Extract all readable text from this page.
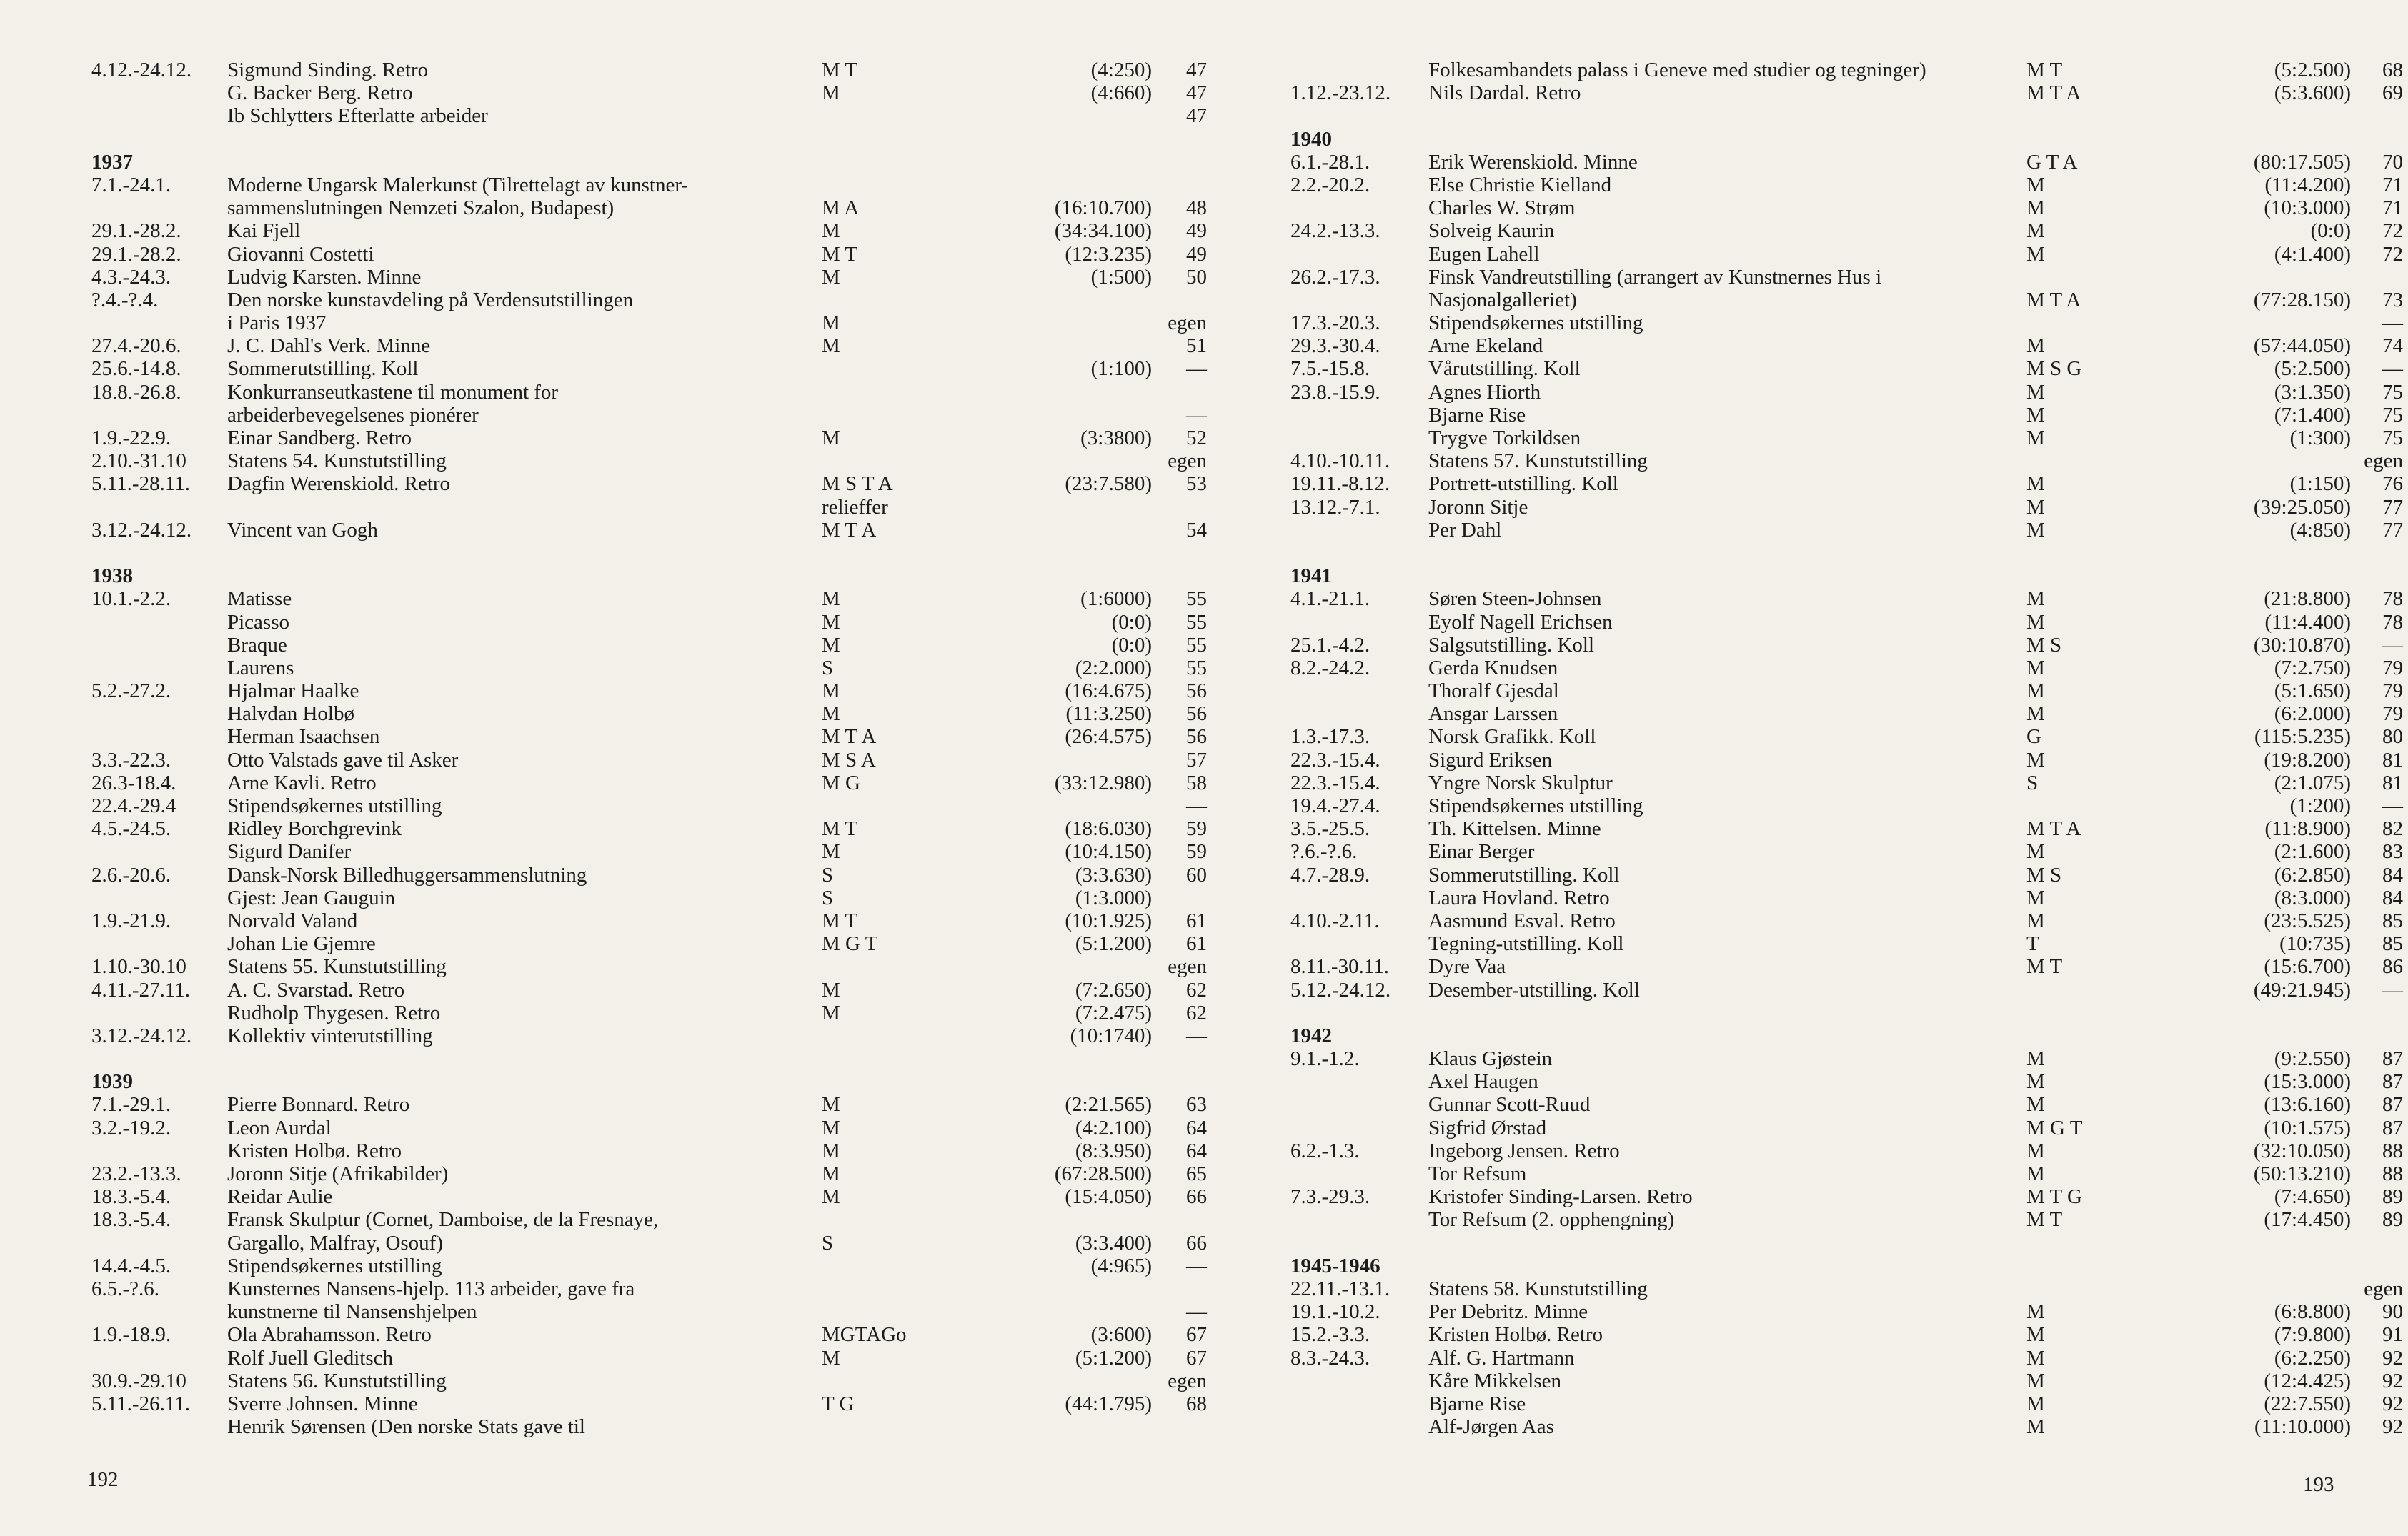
4.12.-24.12. Sigmund Sinding. Retro	M T	(4:250)	47
G. Backer Berg. Retro	M	(4:660)	47
Ib Schlytters Efterlatte arbeider	47
1937
7.1.-24.1.	Moderne Ungarsk Malerkunst (Tilrettelagt av kunstner-
sammenslutningen Nemzeti Szalon, Budapest)	M A	(16:10.700)	48
29.1.-28.2. Kai Fjell	M	(34:34.100)	49
29.1.-28.2. Giovanni Costetti	M T	(12:3.235)	49
4.3.-24.3.	Ludvig Karsten. Minne	M	(1:500)	50
?.4.-?.4.	Den norske kunstavdeling på Verdensutstillingen
i Paris 1937	M	egen
27.4.-20.6. J. C. Dahl's Verk. Minne	M	51
25.6.-14.8. Sommerutstilling. Koll	(1:100)	—
18.8.-26.8. Konkurranseutkastene til monument for
arbeiderbevegelsenes pionérer	—
1.9.-22.9.	Einar Sandberg. Retro	M	(3:3800)	52
2.10.-31.10 Statens 54. Kunstutstilling	egen
5.11.-28.11. Dagfin Werenskiold. Retro	M S T A	(23:7.580)	53
relieffer
3.12.-24.12. Vincent van Gogh	M T A	54
1938
10.1.-2.2.	Matisse	M	(1:6000)	55
Picasso	M	(0:0)	55
Braque	M	(0:0)	55
Laurens	S	(2:2.000)	55
5.2.-27.2.	Hjalmar Haalke	M	(16:4.675)	56
Halvdan Holbø	M	(11:3.250)	56
Herman Isaachsen	M T A	(26:4.575)	56
3.3.-22.3.	Otto Valstads gave til Asker	M S A	57
26.3-18.4. Arne Kavli. Retro	M G	(33:12.980)	58
22.4.-29.4 Stipendsøkernes utstilling	—
4.5.-24.5.	Ridley Borchgrevink	M T	(18:6.030)	59
Sigurd Danifer	M	(10:4.150)	59
2.6.-20.6.	Dansk-Norsk Billedhuggersammenslutning	S	(3:3.630)	60
Gjest: Jean Gauguin	S	(1:3.000)
1.9.-21.9.	Norvald Valand	M T	(10:1.925)	61
Johan Lie Gjemre	M G T	(5:1.200)	61
1.10.-30.10 Statens 55. Kunstutstilling	egen
4.11.-27.11. A. C. Svarstad. Retro	M	(7:2.650)	62
Rudholp Thygesen. Retro	M	(7:2.475)	62
3.12.-24.12. Kollektiv vinterutstilling	(10:1740)	—
1939
7.1.-29.1.	Pierre Bonnard. Retro	M	(2:21.565)	63
3.2.-19.2.	Leon Aurdal	M	(4:2.100)	64
Kristen Holbø. Retro	M	(8:3.950)	64
23.2.-13.3. Joronn Sitje (Afrikabilder)	M	(67:28.500)	65
18.3.-5.4.	Reidar Aulie	M	(15:4.050)	66
18.3.-5.4.	Fransk Skulptur (Cornet, Damboise, de la Fresnaye,
Gargallo, Malfray, Osouf)	S	(3:3.400)	66
14.4.-4.5.	Stipendsøkernes utstilling	(4:965)	—
6.5.-?.6.	Kunsternes Nansens-hjelp. 113 arbeider, gave fra
kunstnerne til Nansenshjelpen	—
1.9.-18.9.	Ola Abrahamsson. Retro	MGTAGo	(3:600)	67
Rolf Juell Gleditsch	M	(5:1.200)	67
30.9.-29.10 Statens 56. Kunstutstilling	egen
5.11.-26.11. Sverre Johnsen. Minne	T G	(44:1.795)	68
Henrik Sørensen (Den norske Stats gave til
Folkesambandets palass i Geneve med studier og tegninger)	M T	(5:2.500)	68
1.12.-23.12. Nils Dardal. Retro	M T A	(5:3.600)	69
1940
6.1.-28.1.	Erik Werenskiold. Minne	G T A	(80:17.505)	70
2.2.-20.2.	Else Christie Kielland	M	(11:4.200)	71
Charles W. Strøm	M	(10:3.000)	71
24.2.-13.3. Solveig Kaurin	M	(0:0)	72
Eugen Lahell	M	(4:1.400)	72
26.2.-17.3. Finsk Vandreutstilling (arrangert av Kunstnernes Hus i
Nasjonalgalleriet)	M T A	(77:28.150)	73
17.3.-20.3. Stipendsøkernes utstilling	—
29.3.-30.4. Arne Ekeland	M	(57:44.050)	74
7.5.-15.8.	Vårutstilling. Koll	M S G	(5:2.500)	—
23.8.-15.9. Agnes Hiorth	M	(3:1.350)	75
Bjarne Rise	M	(7:1.400)	75
Trygve Torkildsen	M	(1:300)	75
4.10.-10.11. Statens 57. Kunstutstilling	egen
19.11.-8.12. Portrett-utstilling. Koll	M	(1:150)	76
13.12.-7.1. Joronn Sitje	M	(39:25.050)	77
Per Dahl	M	(4:850)	77
1941
4.1.-21.1.	Søren Steen-Johnsen	M	(21:8.800)	78
Eyolf Nagell Erichsen	M	(11:4.400)	78
25.1.-4.2.	Salgsutstilling. Koll	M S	(30:10.870)	—
8.2.-24.2.	Gerda Knudsen	M	(7:2.750)	79
Thoralf Gjesdal	M	(5:1.650)	79
Ansgar Larssen	M	(6:2.000)	79
1.3.-17.3.	Norsk Grafikk. Koll	G	(115:5.235)	80
22.3.-15.4. Sigurd Eriksen	M	(19:8.200)	81
22.3.-15.4. Yngre Norsk Skulptur	S	(2:1.075)	81
19.4.-27.4. Stipendsøkernes utstilling	(1:200)	—
3.5.-25.5.	Th. Kittelsen. Minne	M T A	(11:8.900)	82
?.6.-?.6.	Einar Berger	M	(2:1.600)	83
4.7.-28.9.	Sommerutstilling. Koll	M S	(6:2.850)	84
Laura Hovland. Retro	M	(8:3.000)	84
4.10.-2.11. Aasmund Esval. Retro	M	(23:5.525)	85
Tegning-utstilling. Koll	T	(10:735)	85
8.11.-30.11. Dyre Vaa	M T	(15:6.700)	86
5.12.-24.12. Desember-utstilling. Koll	(49:21.945)	—
1942
9.1.-1.2.	Klaus Gjøstein	M	(9:2.550)	87
Axel Haugen	M	(15:3.000)	87
Gunnar Scott-Ruud	M	(13:6.160)	87
Sigfrid Ørstad	M G T	(10:1.575)	87
6.2.-1.3.	Ingeborg Jensen. Retro	M	(32:10.050)	88
Tor Refsum	M	(50:13.210)	88
7.3.-29.3.	Kristofer Sinding-Larsen. Retro	M T G	(7:4.650)	89
Tor Refsum (2. opphengning)	M T	(17:4.450)	89
1945-1946
22.11.-13.1. Statens 58. Kunstutstilling	egen
19.1.-10.2. Per Debritz. Minne	M	(6:8.800)	90
15.2.-3.3.	Kristen Holbø. Retro	M	(7:9.800)	91
8.3.-24.3.	Alf. G. Hartmann	M	(6:2.250)	92
Kåre Mikkelsen	M	(12:4.425)	92
Bjarne Rise	M	(22:7.550)	92
Alf-Jørgen Aas	M	(11:10.000)	92
192	193
